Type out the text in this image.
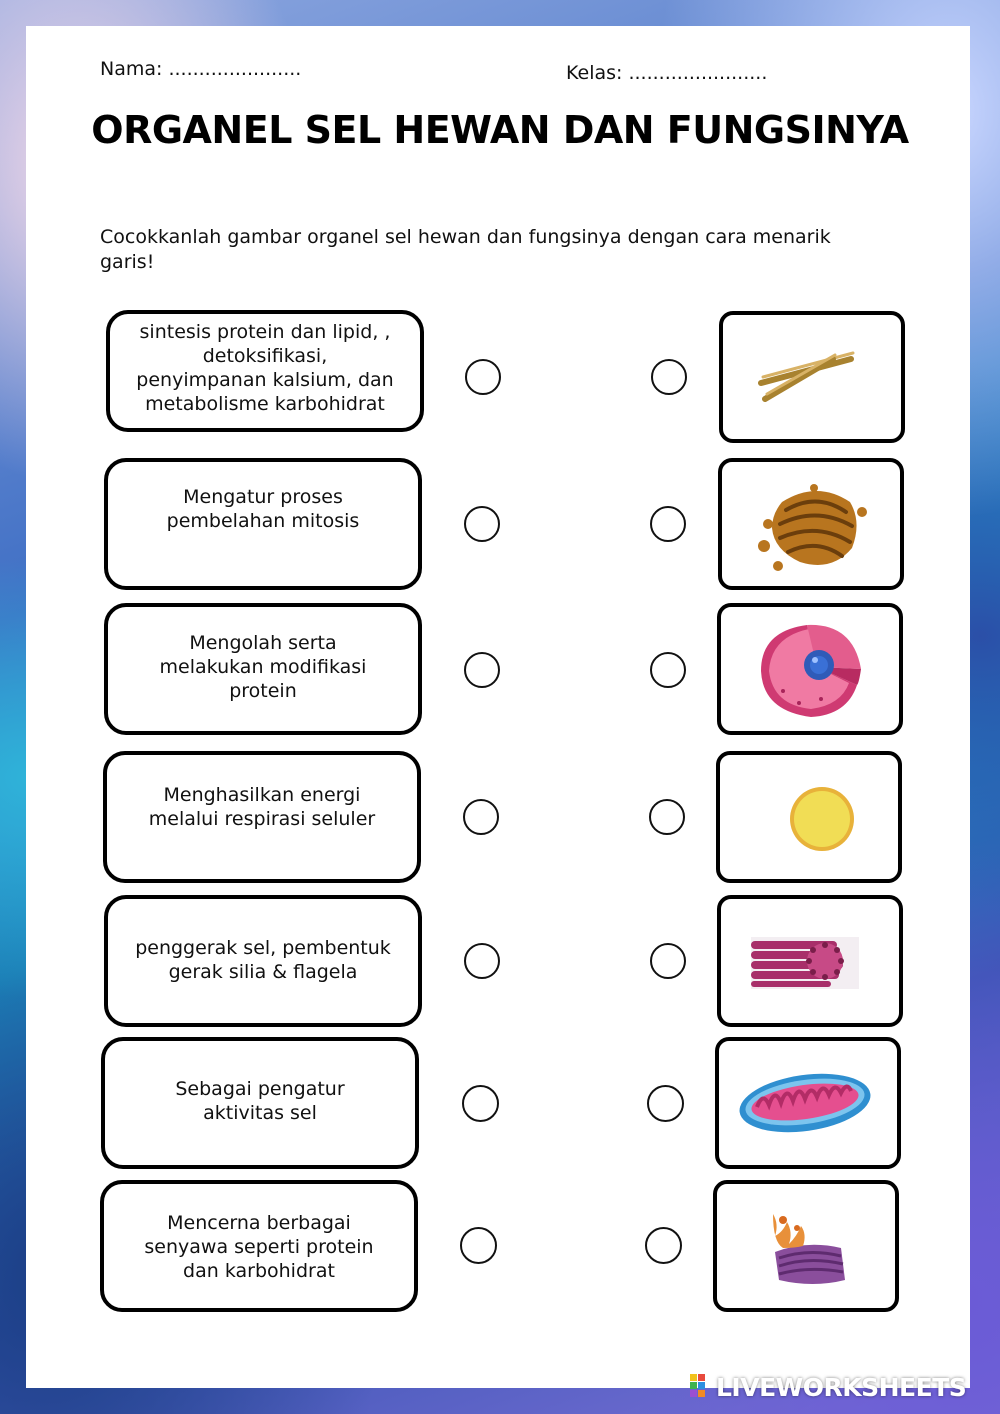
Nama: ......................	Kelas: .......................
ORGANEL SEL HEWAN DAN FUNGSINYA
Cocokkanlah gambar organel sel hewan dan fungsinya dengan cara menarik garis!
sintesis protein dan lipid, ,
detoksifikasi,
penyimpanan kalsium, dan
metabolisme karbohidrat
Mengatur proses
pembelahan mitosis
Mengolah serta
melakukan modifikasi
protein
Menghasilkan energi
melalui respirasi seluler
penggerak sel, pembentuk
gerak silia & flagela
Sebagai pengatur
aktivitas sel
Mencerna berbagai
senyawa seperti protein
dan karbohidrat
LIVEWORKSHEETS
